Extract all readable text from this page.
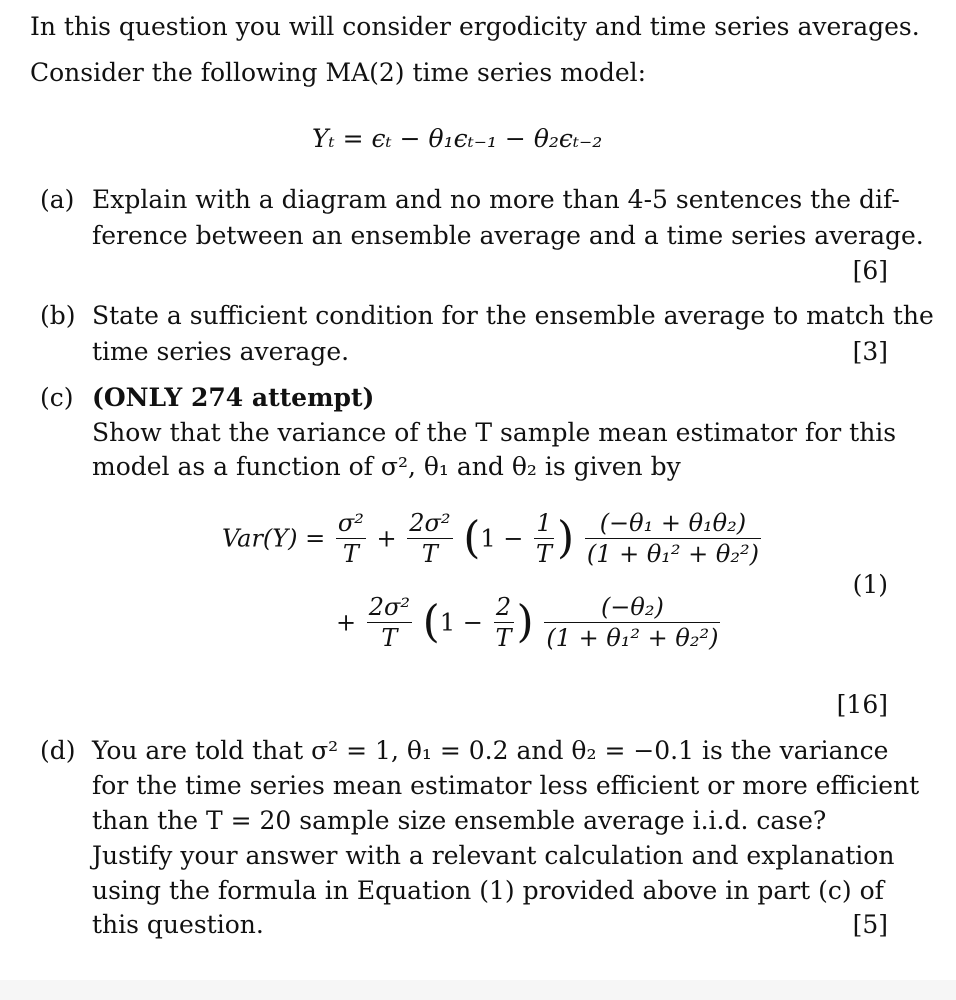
In this question you will consider ergodicity and time series averages.
Consider the following MA(2) time series model:
Yₜ = ϵₜ − θ₁ϵₜ₋₁ − θ₂ϵₜ₋₂
(a) Explain with a diagram and no more than 4-5 sentences the dif-
ference between an ensemble average and a time series average.
[6]
(b) State a sufficient condition for the ensemble average to match the
time series average.	[3]
(c) (ONLY 274 attempt)
Show that the variance of the T sample mean estimator for this
model as a function of σ², θ₁ and θ₂ is given by
$Var(Y) = \frac{\text{σ²}}{T} + \frac{\text{2σ²}}{T} (1 - \frac{1}{T}$ ) $\frac{\text{(−θ₁ + θ₁θ₂)}}{\text{(1 + θ₁² + θ₂²)}}$
+ $\frac{\text{2σ²}}{T} (1 - \frac{2}{T}$ ) $\frac{\text{(−θ₂)}}{\text{(1 + θ₁² + θ₂²)}}$
(1)
[16]
(d) You are told that σ² = 1, θ₁ = 0.2 and θ₂ = −0.1 is the variance
for the time series mean estimator less efficient or more efficient
than the T = 20 sample size ensemble average i.i.d. case?
Justify your answer with a relevant calculation and explanation
using the formula in Equation (1) provided above in part (c) of
this question.	[5]
